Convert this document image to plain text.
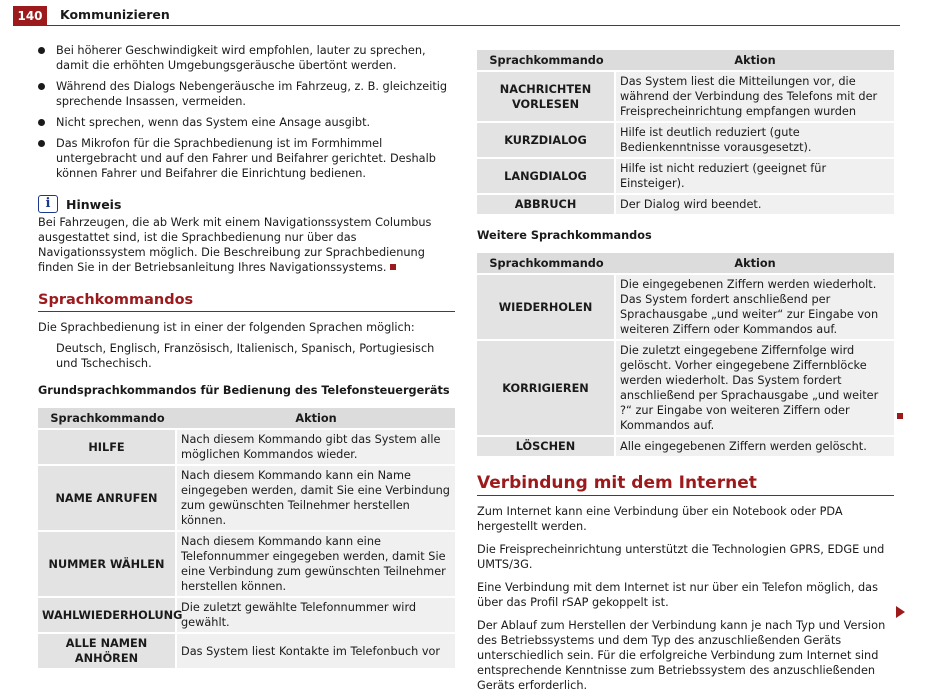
140	Kommunizieren
Bei höherer Geschwindigkeit wird empfohlen, lauter zu sprechen, damit die erhöhten Umgebungsgeräusche übertönt werden.
Während des Dialogs Nebengeräusche im Fahrzeug, z. B. gleichzeitig sprechende Insassen, vermeiden.
Nicht sprechen, wenn das System eine Ansage ausgibt.
Das Mikrofon für die Sprachbedienung ist im Formhimmel untergebracht und auf den Fahrer und Beifahrer gerichtet. Deshalb können Fahrer und Beifahrer die Einrichtung bedienen.
i	Hinweis
Bei Fahrzeugen, die ab Werk mit einem Navigationssystem Columbus ausgestattet sind, ist die Sprachbedienung nur über das Navigationssystem möglich. Die Beschreibung zur Sprachbedienung finden Sie in der Betriebsanleitung Ihres Navigationssystems.
Sprachkommandos
Die Sprachbedienung ist in einer der folgenden Sprachen möglich:
Deutsch, Englisch, Französisch, Italienisch, Spanisch, Portugiesisch und Tschechisch.
Grundsprachkommandos für Bedienung des Telefonsteuergeräts
Sprachkommando	Aktion
HILFE	Nach diesem Kommando gibt das System alle möglichen Kommandos wieder.
NAME ANRUFEN	Nach diesem Kommando kann ein Name eingegeben werden, damit Sie eine Verbindung zum gewünschten Teilnehmer herstellen können.
NUMMER WÄHLEN	Nach diesem Kommando kann eine Telefonnummer eingegeben werden, damit Sie eine Verbindung zum gewünschten Teilnehmer herstellen können.
WAHLWIEDERHOLUNG	Die zuletzt gewählte Telefonnummer wird gewählt.
ALLE NAMEN ANHÖREN	Das System liest Kontakte im Telefonbuch vor
Sprachkommando	Aktion
NACHRICHTEN VORLESEN	Das System liest die Mitteilungen vor, die während der Verbindung des Telefons mit der Freisprecheinrichtung empfangen wurden
KURZDIALOG	Hilfe ist deutlich reduziert (gute Bedienkenntnisse vorausgesetzt).
LANGDIALOG	Hilfe ist nicht reduziert (geeignet für Einsteiger).
ABBRUCH	Der Dialog wird beendet.
Weitere Sprachkommandos
Sprachkommando	Aktion
WIEDERHOLEN	Die eingegebenen Ziffern werden wiederholt. Das System fordert anschließend per Sprachausgabe „und weiter“ zur Eingabe von weiteren Ziffern oder Kommandos auf.
KORRIGIEREN	Die zuletzt eingegebene Ziffernfolge wird gelöscht. Vorher eingegebene Ziffernblöcke werden wiederholt. Das System fordert anschließend per Sprachausgabe „und weiter ?“ zur Eingabe von weiteren Ziffern oder Kommandos auf.
LÖSCHEN	Alle eingegebenen Ziffern werden gelöscht.
Verbindung mit dem Internet
Zum Internet kann eine Verbindung über ein Notebook oder PDA hergestellt werden.
Die Freisprecheinrichtung unterstützt die Technologien GPRS, EDGE und UMTS/3G.
Eine Verbindung mit dem Internet ist nur über ein Telefon möglich, das über das Profil rSAP gekoppelt ist.
Der Ablauf zum Herstellen der Verbindung kann je nach Typ und Version des Betriebssystems und dem Typ des anzuschließenden Geräts unterschiedlich sein. Für die erfolgreiche Verbindung zum Internet sind entsprechende Kenntnisse zum Betriebssystem des anzuschließenden Geräts erforderlich.
